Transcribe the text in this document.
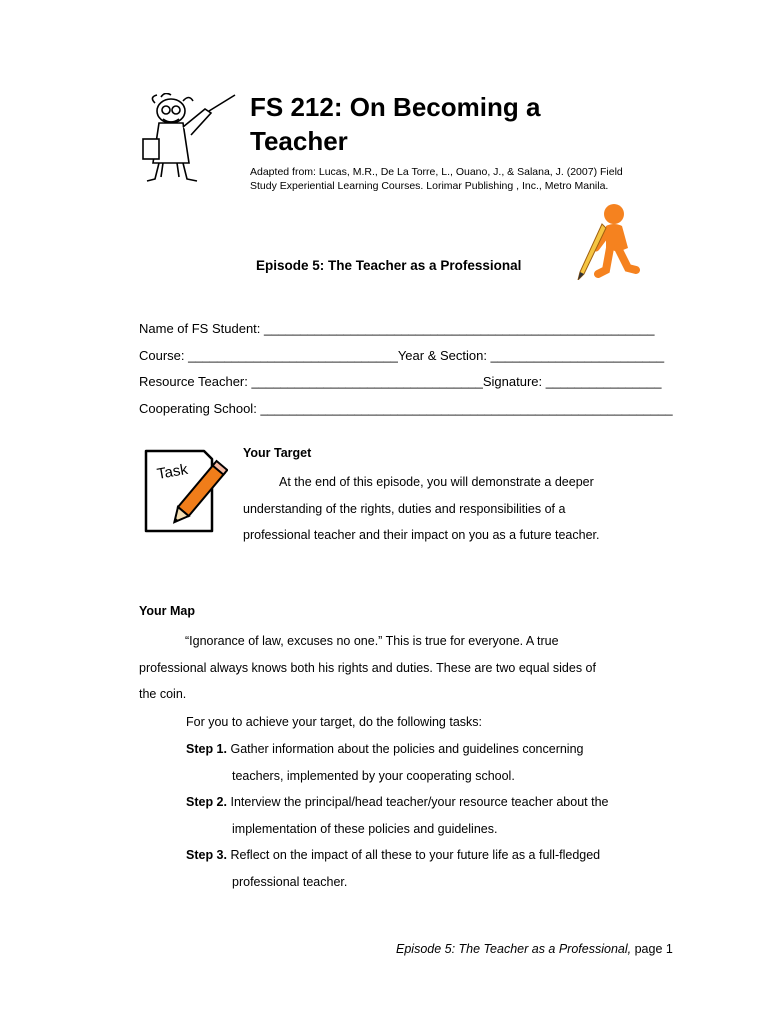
FS 212: On Becoming a
Teacher
Adapted from: Lucas, M.R., De La Torre, L., Ouano, J., & Salana, J. (2007) Field
Study Experiential Learning Courses. Lorimar Publishing , Inc., Metro Manila.
Episode 5: The Teacher as a Professional
Name of FS Student: ______________________________________________________
Course: _____________________________Year & Section: ________________________
Resource Teacher: ________________________________Signature: ________________
Cooperating School: _________________________________________________________
Task
Your Target
At the end of this episode, you will demonstrate a deeper
understanding of the rights, duties and responsibilities of a
professional teacher and their impact on you as a future teacher.
Your Map
“Ignorance of law, excuses no one.” This is true for everyone. A true
professional always knows both his rights and duties. These are two equal sides of
the coin.
For you to achieve your target, do the following tasks:
Step 1. Gather information about the policies and guidelines concerning
teachers, implemented by your cooperating school.
Step 2. Interview the principal/head teacher/your resource teacher about the
implementation of these policies and guidelines.
Step 3. Reflect on the impact of all these to your future life as a full-fledged
professional teacher.
Episode 5: The Teacher as a Professional, page 1
